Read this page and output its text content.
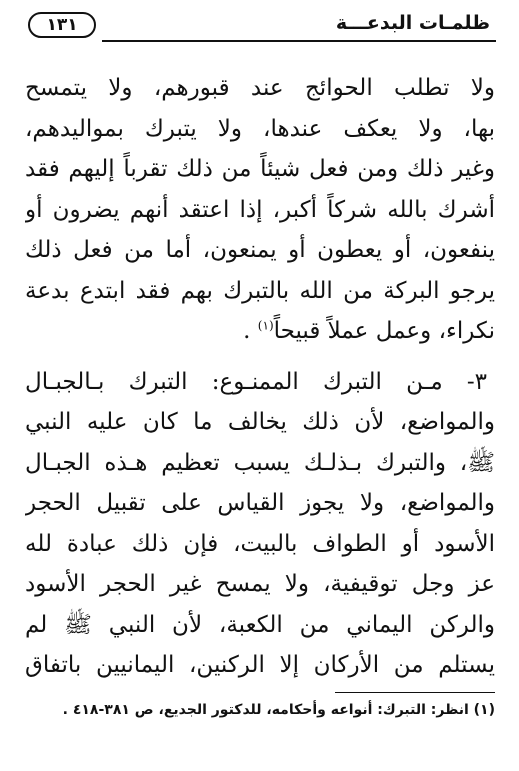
ظلمـات البدعـــة
١٣١
ولا تطلب الحوائج عند قبورهم، ولا يتمسح
بها، ولا يعكف عندها، ولا يتبرك بمواليدهم،
وغير ذلك ومن فعل شيئاً من ذلك تقرباً إليهم فقد
أشرك بالله شركاً أكبر، إذا اعتقد أنهم يضرون أو
ينفعون، أو يعطون أو يمنعون، أما من فعل ذلك
يرجو البركة من الله بالتبرك بهم فقد ابتدع بدعة
نكراء، وعمل عملاً قبيحاً$^{(١)}$ .
٣- مـن التبرك الممنـوع: التبرك بـالجبـال
والمواضع، لأن ذلك يخالف ما كان عليه النبي
ﷺ، والتبرك بـذلـك يسبب تعظيم هـذه الجبـال
والمواضع، ولا يجوز القياس على تقبيل الحجر
الأسود أو الطواف بالبيت، فإن ذلك عبادة لله
عز وجل توقيفية، ولا يمسح غير الحجر الأسود
والركن اليماني من الكعبة، لأن النبي ﷺ لم
يستلم من الأركان إلا الركنين، اليمانيين باتفاق
(١) انظر: التبرك: أنواعه وأحكامه، للدكتور الجديع، ص ٣٨١-٤١٨ .
